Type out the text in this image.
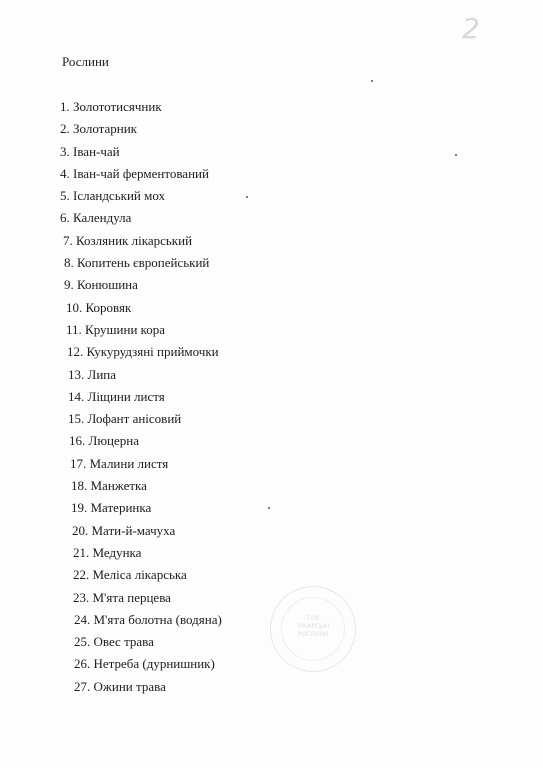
2
Рослини
1. Золототисячник
2. Золотарник
3. Іван-чай
4. Іван-чай ферментований
5. Ісландський мох
6. Календула
7. Козляник лікарський
8. Копитень європейський
9. Конюшина
10. Коровяк
11. Крушини кора
12. Кукурудзяні приймочки
13. Липа
14. Ліщини листя
15. Лофант анісовий
16. Люцерна
17. Малини листя
18. Манжетка
19. Материнка
20. Мати-й-мачуха
21. Медунка
22. Меліса лікарська
23. М'ята перцева
24. М'ята болотна (водяна)
25. Овес трава
26. Нетреба (дурнишник)
27. Ожини трава
ТОВ
ЛІКАРСЬКІ
РОСЛИНИ
